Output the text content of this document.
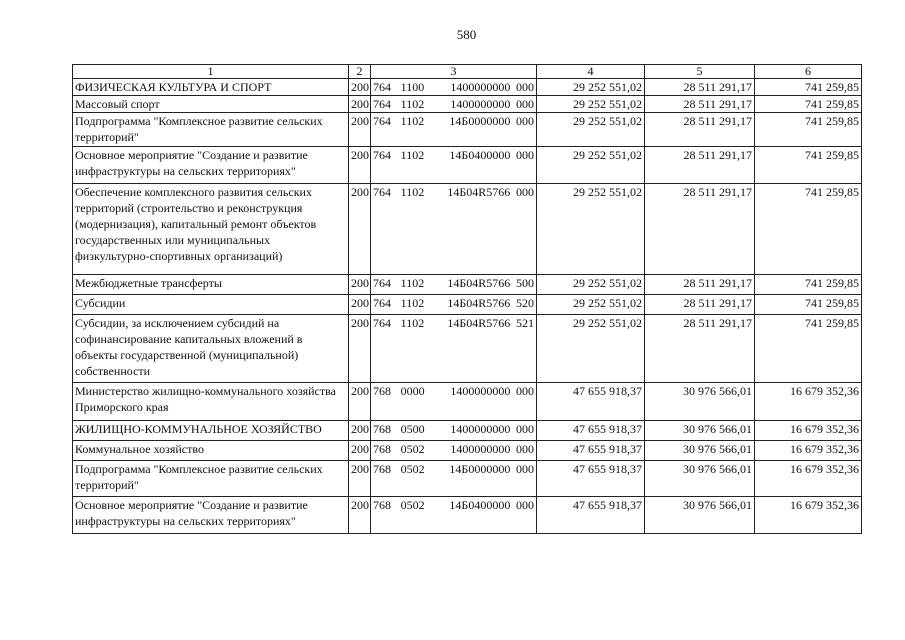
580
1	2	3	4	5	6
ФИЗИЧЕСКАЯ КУЛЬТУРА И СПОРТ	200	764 1100 1400000000 000	29 252 551,02	28 511 291,17	741 259,85
Массовый спорт	200	764 1102 1400000000 000	29 252 551,02	28 511 291,17	741 259,85
Подпрограмма "Комплексное развитие сельских территорий"	200	764 1102 14Б0000000 000	29 252 551,02	28 511 291,17	741 259,85
Основное мероприятие "Создание и развитие инфраструктуры на сельских территориях"	200	764 1102 14Б0400000 000	29 252 551,02	28 511 291,17	741 259,85
Обеспечение комплексного развития сельских территорий (строительство и реконструкция (модернизация), капитальный ремонт объектов государственных или муниципальных физкультурно-спортивных организаций)	200	764 1102 14Б04R5766 000	29 252 551,02	28 511 291,17	741 259,85
Межбюджетные трансферты	200	764 1102 14Б04R5766 500	29 252 551,02	28 511 291,17	741 259,85
Субсидии	200	764 1102 14Б04R5766 520	29 252 551,02	28 511 291,17	741 259,85
Субсидии, за исключением субсидий на софинансирование капитальных вложений в объекты государственной (муниципальной) собственности	200	764 1102 14Б04R5766 521	29 252 551,02	28 511 291,17	741 259,85
Министерство жилищно-коммунального хозяйства Приморского края	200	768 0000 1400000000 000	47 655 918,37	30 976 566,01	16 679 352,36
ЖИЛИЩНО-КОММУНАЛЬНОЕ ХОЗЯЙСТВО	200	768 0500 1400000000 000	47 655 918,37	30 976 566,01	16 679 352,36
Коммунальное хозяйство	200	768 0502 1400000000 000	47 655 918,37	30 976 566,01	16 679 352,36
Подпрограмма "Комплексное развитие сельских территорий"	200	768 0502 14Б0000000 000	47 655 918,37	30 976 566,01	16 679 352,36
Основное мероприятие "Создание и развитие инфраструктуры на сельских территориях"	200	768 0502 14Б0400000 000	47 655 918,37	30 976 566,01	16 679 352,36
